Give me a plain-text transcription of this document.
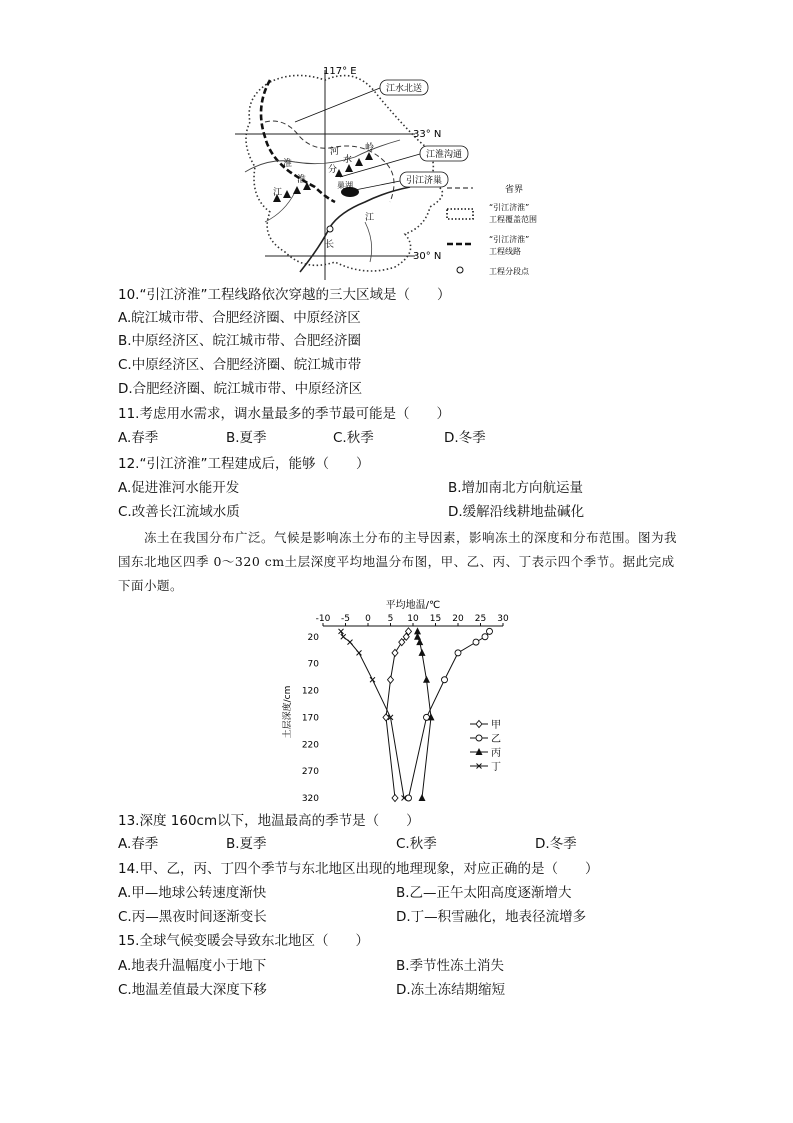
江水北送
江淮沟通
引江济巢
117° E
33° N
30° N
淮
河
分
水
岭
江
淮
巢湖
江
长
省界
“引江济淮”
工程覆盖范围
“引江济淮”
工程线路
工程分段点
10.“引江济淮”工程线路依次穿越的三大区域是（　　）
A.皖江城市带、合肥经济圈、中原经济区
B.中原经济区、皖江城市带、合肥经济圈
C.中原经济区、合肥经济圈、皖江城市带
D.合肥经济圈、皖江城市带、中原经济区
11.考虑用水需求，调水量最多的季节最可能是（　　）
A.春季	B.夏季	C.秋季	D.冬季
12.“引江济淮”工程建成后，能够（　　）
A.促进淮河水能开发	B.增加南北方向航运量
C.改善长江流域水质	D.缓解沿线耕地盐碱化
冻土在我国分布广泛。气候是影响冻土分布的主导因素，影响冻土的深度和分布范围。图为我国东北地区四季 0～320 cm土层深度平均地温分布图，甲、乙、丙、丁表示四个季节。据此完成下面小题。
平均地温/℃
-10 -5 0 5 10 15 20 25 30
20
70
120
170
220
270
320
土层深度/cm	甲
乙
丙
丁
13.深度 160cm以下，地温最高的季节是（　　）
A.春季	B.夏季	C.秋季	D.冬季
14.甲、乙，丙、丁四个季节与东北地区出现的地理现象，对应正确的是（　　）
A.甲—地球公转速度渐快	B.乙—正午太阳高度逐渐增大
C.丙—黑夜时间逐渐变长	D.丁—积雪融化，地表径流增多
15.全球气候变暖会导致东北地区（　　）
A.地表升温幅度小于地下	B.季节性冻土消失
C.地温差值最大深度下移	D.冻土冻结期缩短
